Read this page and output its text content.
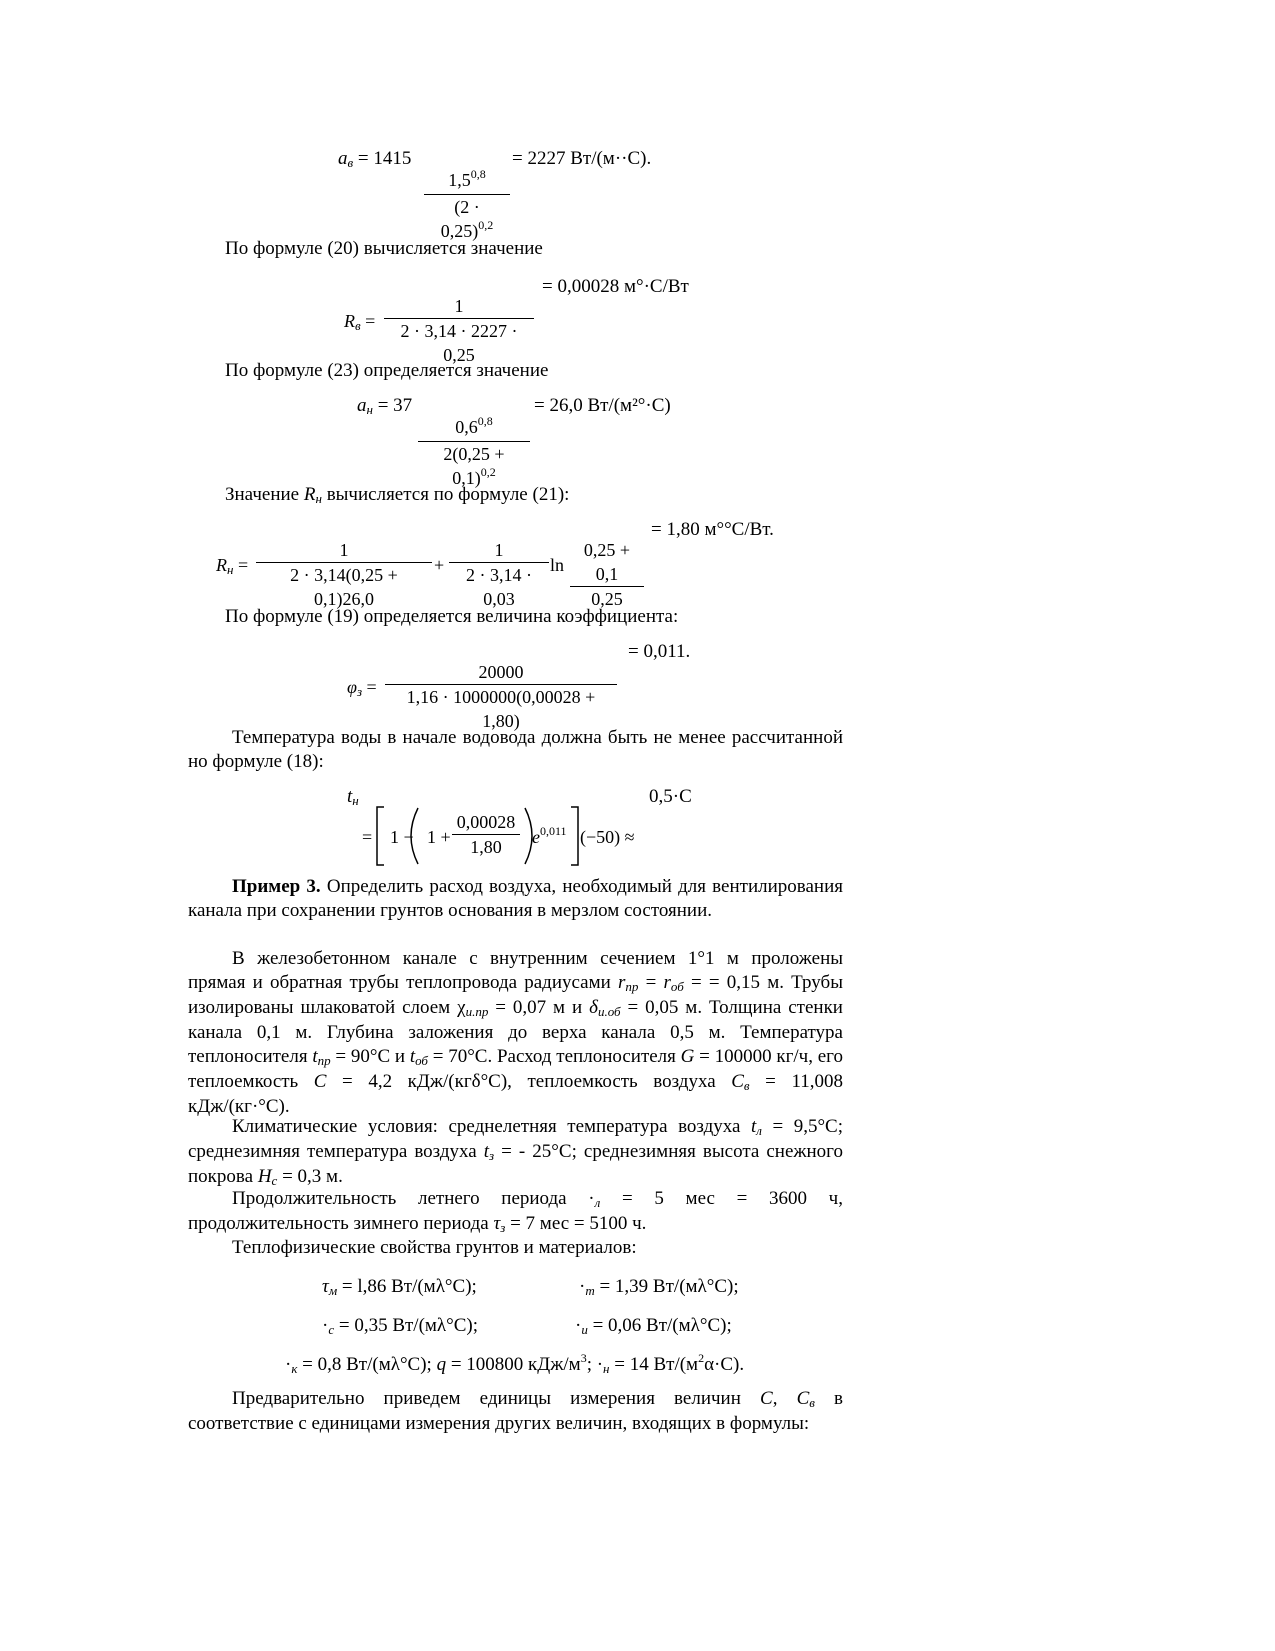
ав = 1415	= 2227 Вт/(м··С).
$\frac{1,5^{0,8}}{(2 \cdot 0,25)^{0,2}}$
По формуле (20) вычисляется значение
= 0,00028 м°·С/Вт
Rв = $\frac{1}{2 \cdot 3,14 \cdot 2227 \cdot 0,25}$
По формуле (23) определяется значение
ан = 37	= 26,0 Вт/(м²°·С)
$\frac{0,6^{0,8}}{2(0,25 + 0,1)^{0,2}}$
Значение Rн вычисляется по формуле (21):
= 1,80 м°°С/Вт.
Rн = $\frac{1}{2 \cdot 3,14(0,25 + 0,1)26,0} + \frac{1}{2 \cdot 3,14 \cdot 0,03}$ $\ln \frac{0,25 + 0,1}{0,25}$
По формуле (19) определяется величина коэффициента:
= 0,011.
$\varphi з = \frac{20000}{1,16 \cdot 1000000(0,00028 + 1,80)}$

Температура воды в начале водовода должна быть не менее рассчитанной но формуле (18):

tн	0,5·С
= $1 - 1 + \frac{0,00028}{1,80} e^{0,011}$ (−50) ≈

Пример 3. Определить расход воздуха, необходимый для вентилирования канала при сохранении грунтов основания в мерзлом состоянии.

В железобетонном канале с внутренним сечением 1°1 м проложены прямая и обратная трубы теплопровода радиусами rпр = rоб = = 0,15 м. Трубы изолированы шлаковатой слоем χи.пр = 0,07 м и δи.об = 0,05 м. Толщина стенки канала 0,1 м. Глубина заложения до верха канала 0,5 м. Температура теплоносителя tпр = 90°С и tоб = 70°С. Расход теплоносителя G = 100000 кг/ч, его теплоемкость C = 4,2 кДж/(кгδ°С), теплоемкость воздуха Cв = 11,008 кДж/(кг·°С).

Климатические условия: среднелетняя температура воздуха tл = 9,5°С; среднезимняя температура воздуха tз = - 25°С; среднезимняя высота снежного покрова Hс = 0,3 м.

Продолжительность летнего периода ·л = 5 мес = 3600 ч, продолжительность зимнего периода τз = 7 мес = 5100 ч.

Теплофизические свойства грунтов и материалов:
τм = l,86 Вт/(мλ°С);	·т = 1,39 Вт/(мλ°С);
·с = 0,35 Вт/(мλ°С);	·и = 0,06 Вт/(мλ°С);
·к = 0,8 Вт/(мλ°С); q = 100800 кДж/$м^3$; ·н = 14 $Вт/(м^2\alpha\cdot С)$.

Предварительно приведем единицы измерения величин C, Cв в соответствие с единицами измерения других величин, входящих в формулы:
